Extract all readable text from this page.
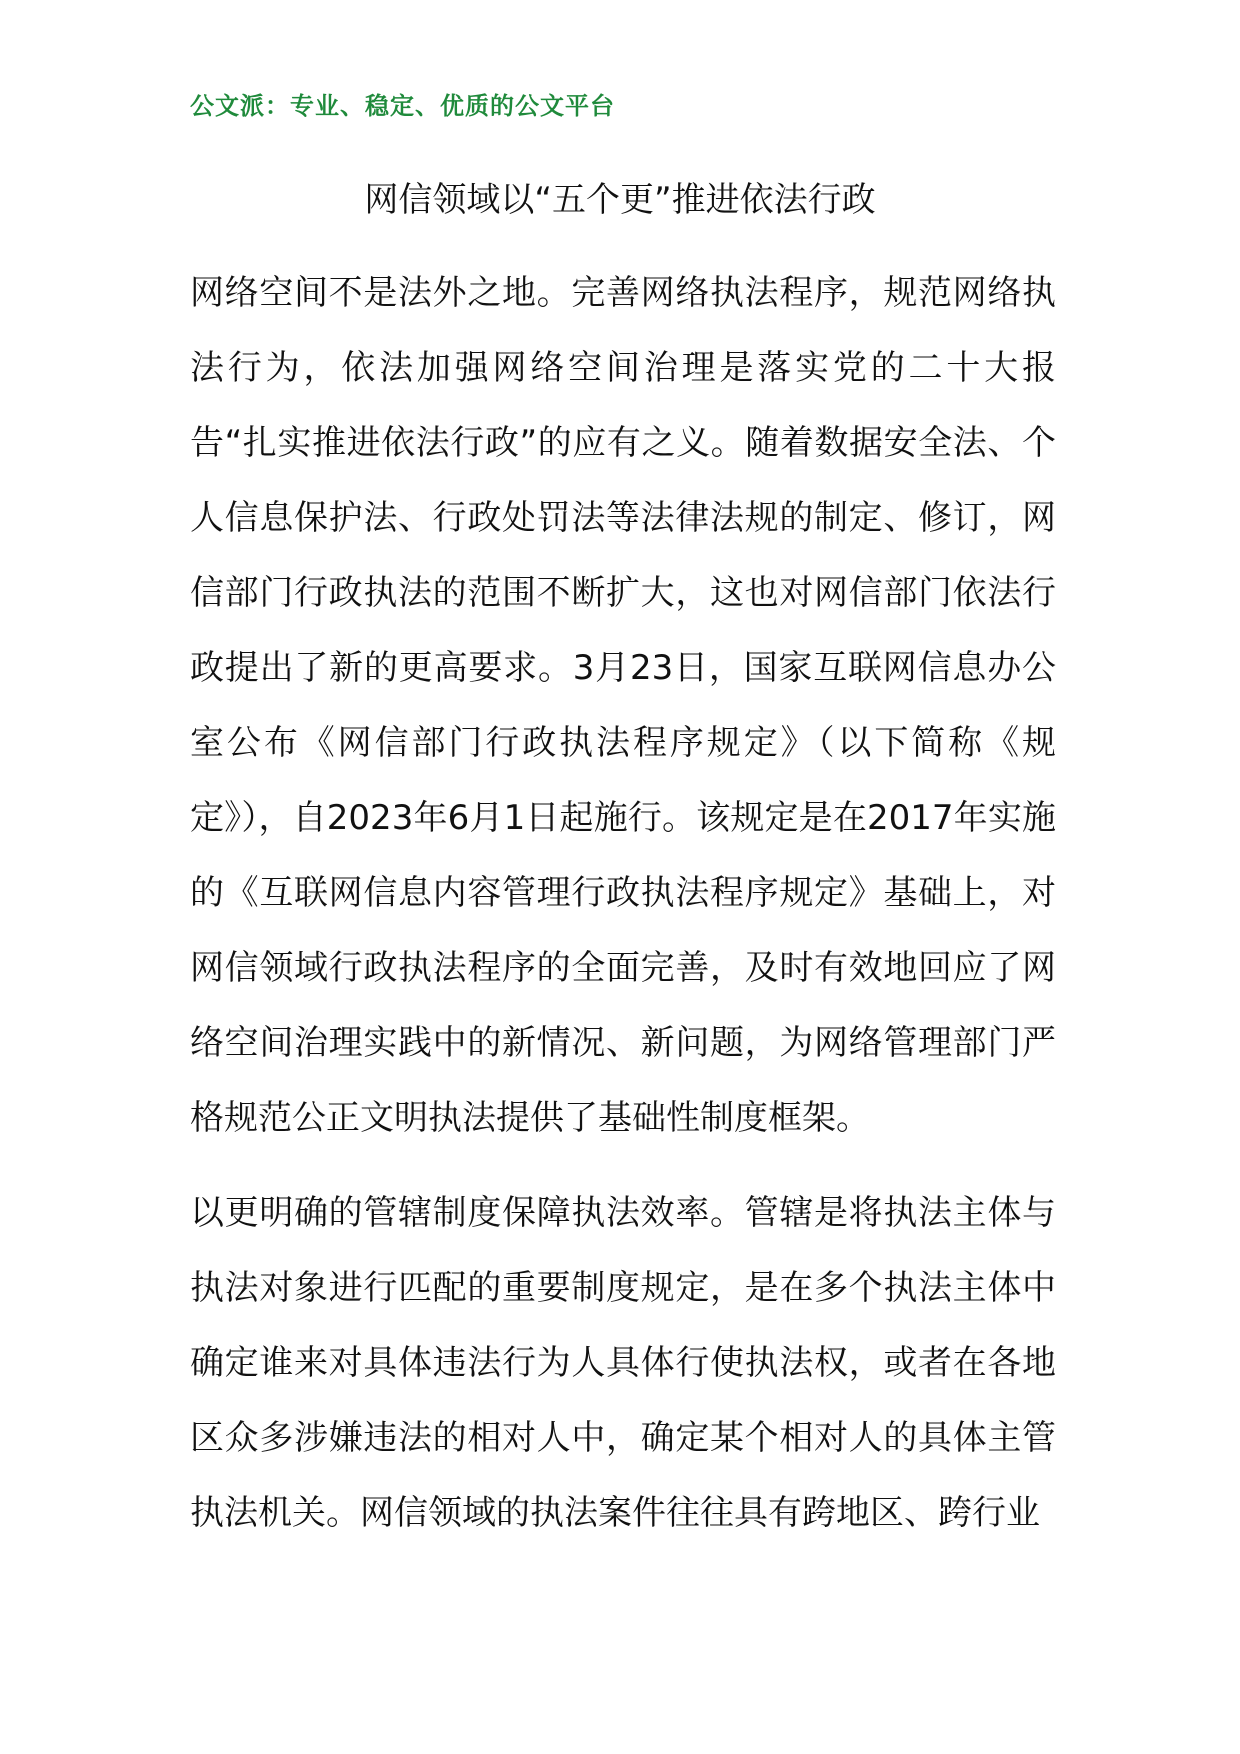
公文派：专业、稳定、优质的公文平台
网信领域以“五个更”推进依法行政

网络空间不是法外之地。完善网络执法程序，规范网络执法行为，依法加强网络空间治理是落实党的二十大报告“扎实推进依法行政”的应有之义。随着数据安全法、个人信息保护法、行政处罚法等法律法规的制定、修订，网信部门行政执法的范围不断扩大，这也对网信部门依法行政提出了新的更高要求。3月23日，国家互联网信息办公室公布《网信部门行政执法程序规定》（以下简称《规定》），自2023年6月1日起施行。该规定是在2017年实施的《互联网信息内容管理行政执法程序规定》基础上，对网信领域行政执法程序的全面完善，及时有效地回应了网络空间治理实践中的新情况、新问题，为网络管理部门严格规范公正文明执法提供了基础性制度框架。

以更明确的管辖制度保障执法效率。管辖是将执法主体与执法对象进行匹配的重要制度规定，是在多个执法主体中确定谁来对具体违法行为人具体行使执法权，或者在各地区众多涉嫌违法的相对人中，确定某个相对人的具体主管执法机关。网信领域的执法案件往往具有跨地区、跨行业
